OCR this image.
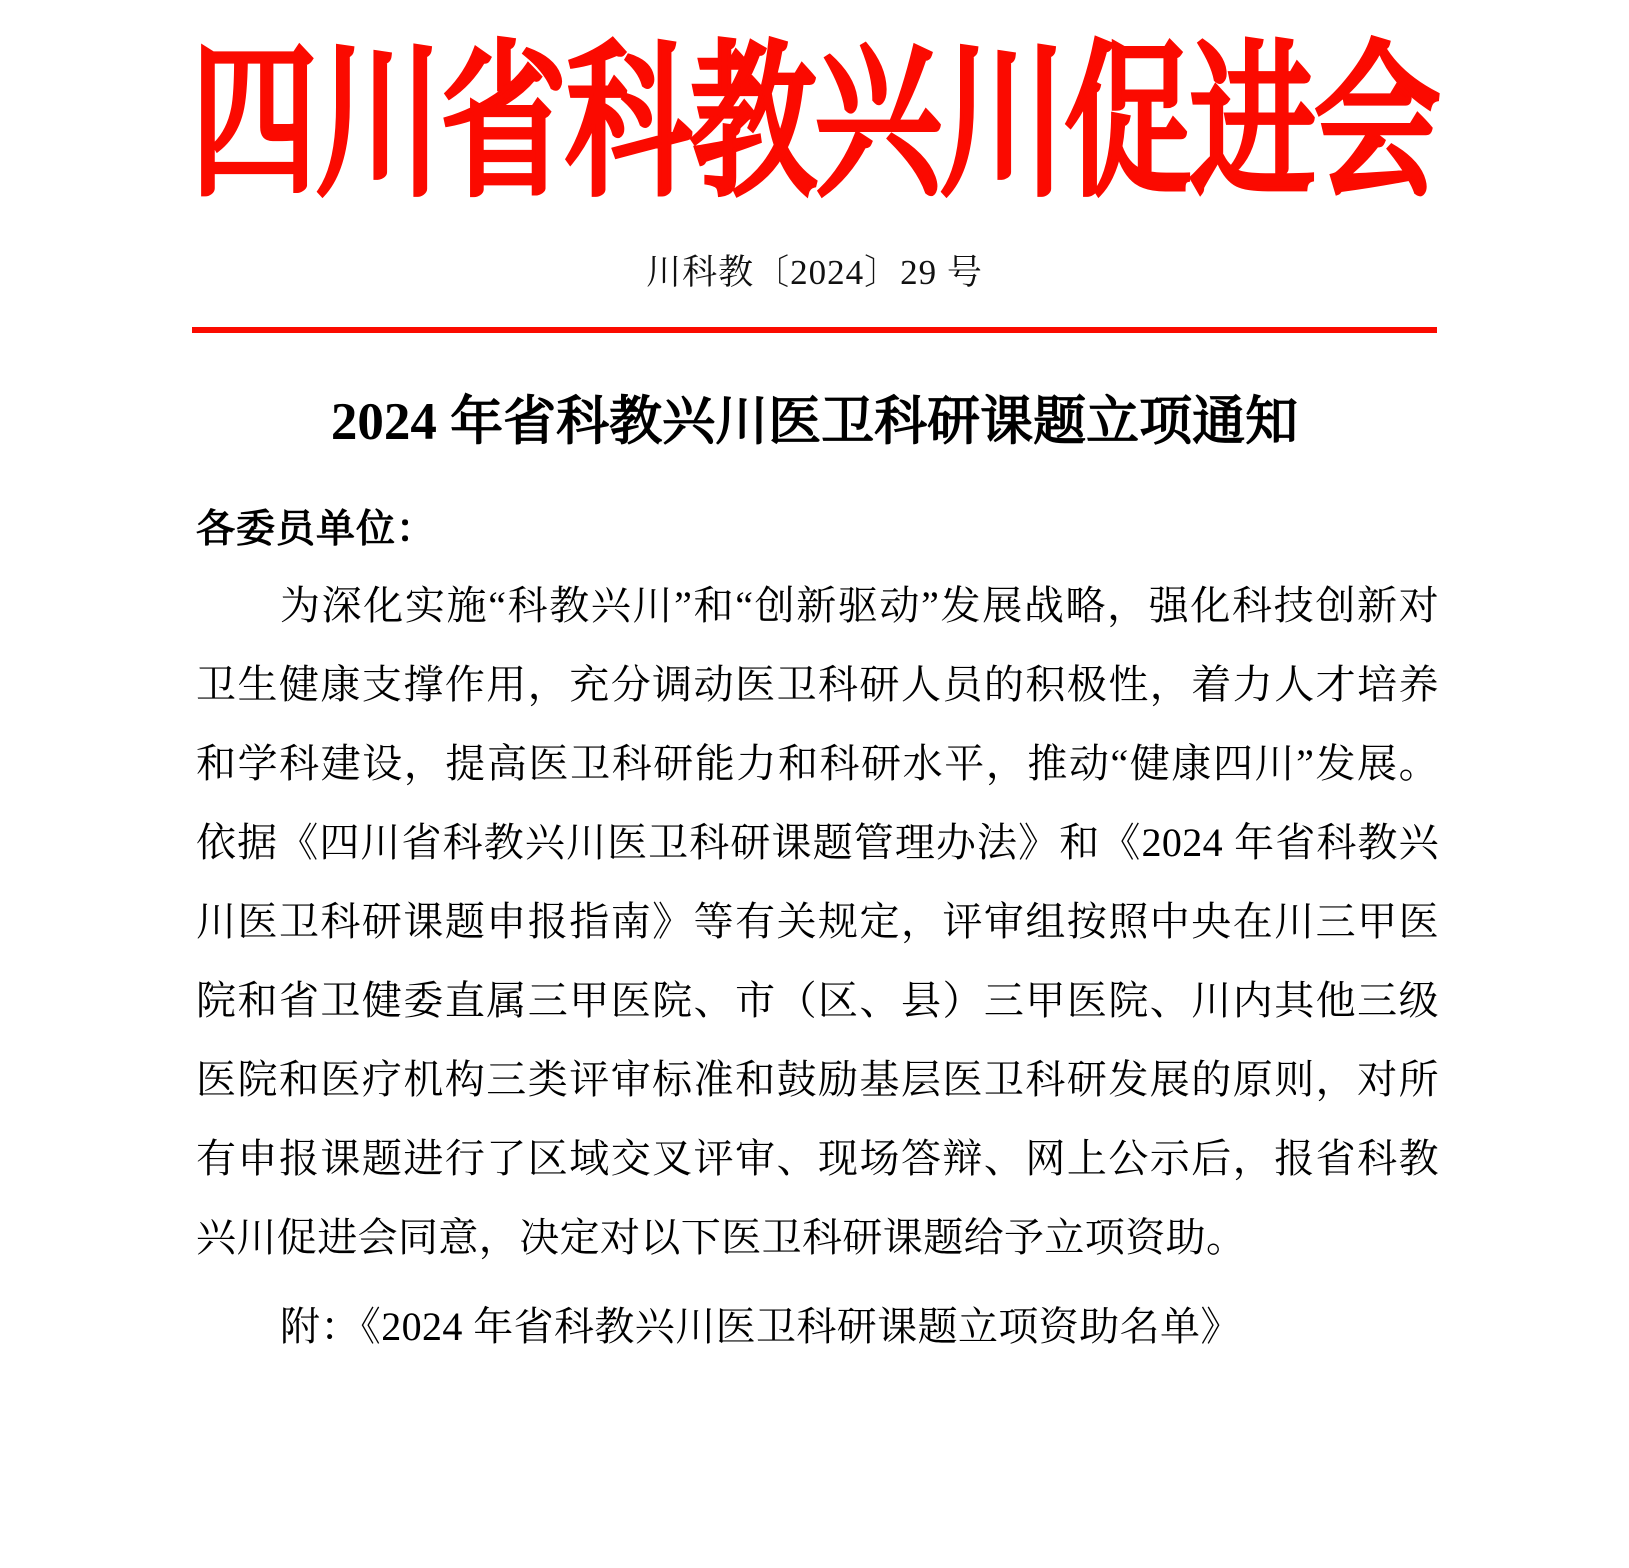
四川省科教兴川促进会
川科教〔2024〕29 号
2024 年省科教兴川医卫科研课题立项通知

各委员单位：

为深化实施“科教兴川”和“创新驱动”发展战略，强化科技创新对卫生健康支撑作用，充分调动医卫科研人员的积极性，着力人才培养和学科建设，提高医卫科研能力和科研水平，推动“健康四川”发展。依据《四川省科教兴川医卫科研课题管理办法》和《2024 年省科教兴川医卫科研课题申报指南》等有关规定，评审组按照中央在川三甲医院和省卫健委直属三甲医院、市（区、县）三甲医院、川内其他三级医院和医疗机构三类评审标准和鼓励基层医卫科研发展的原则，对所有申报课题进行了区域交叉评审、现场答辩、网上公示后，报省科教兴川促进会同意，决定对以下医卫科研课题给予立项资助。

附：《2024 年省科教兴川医卫科研课题立项资助名单》
